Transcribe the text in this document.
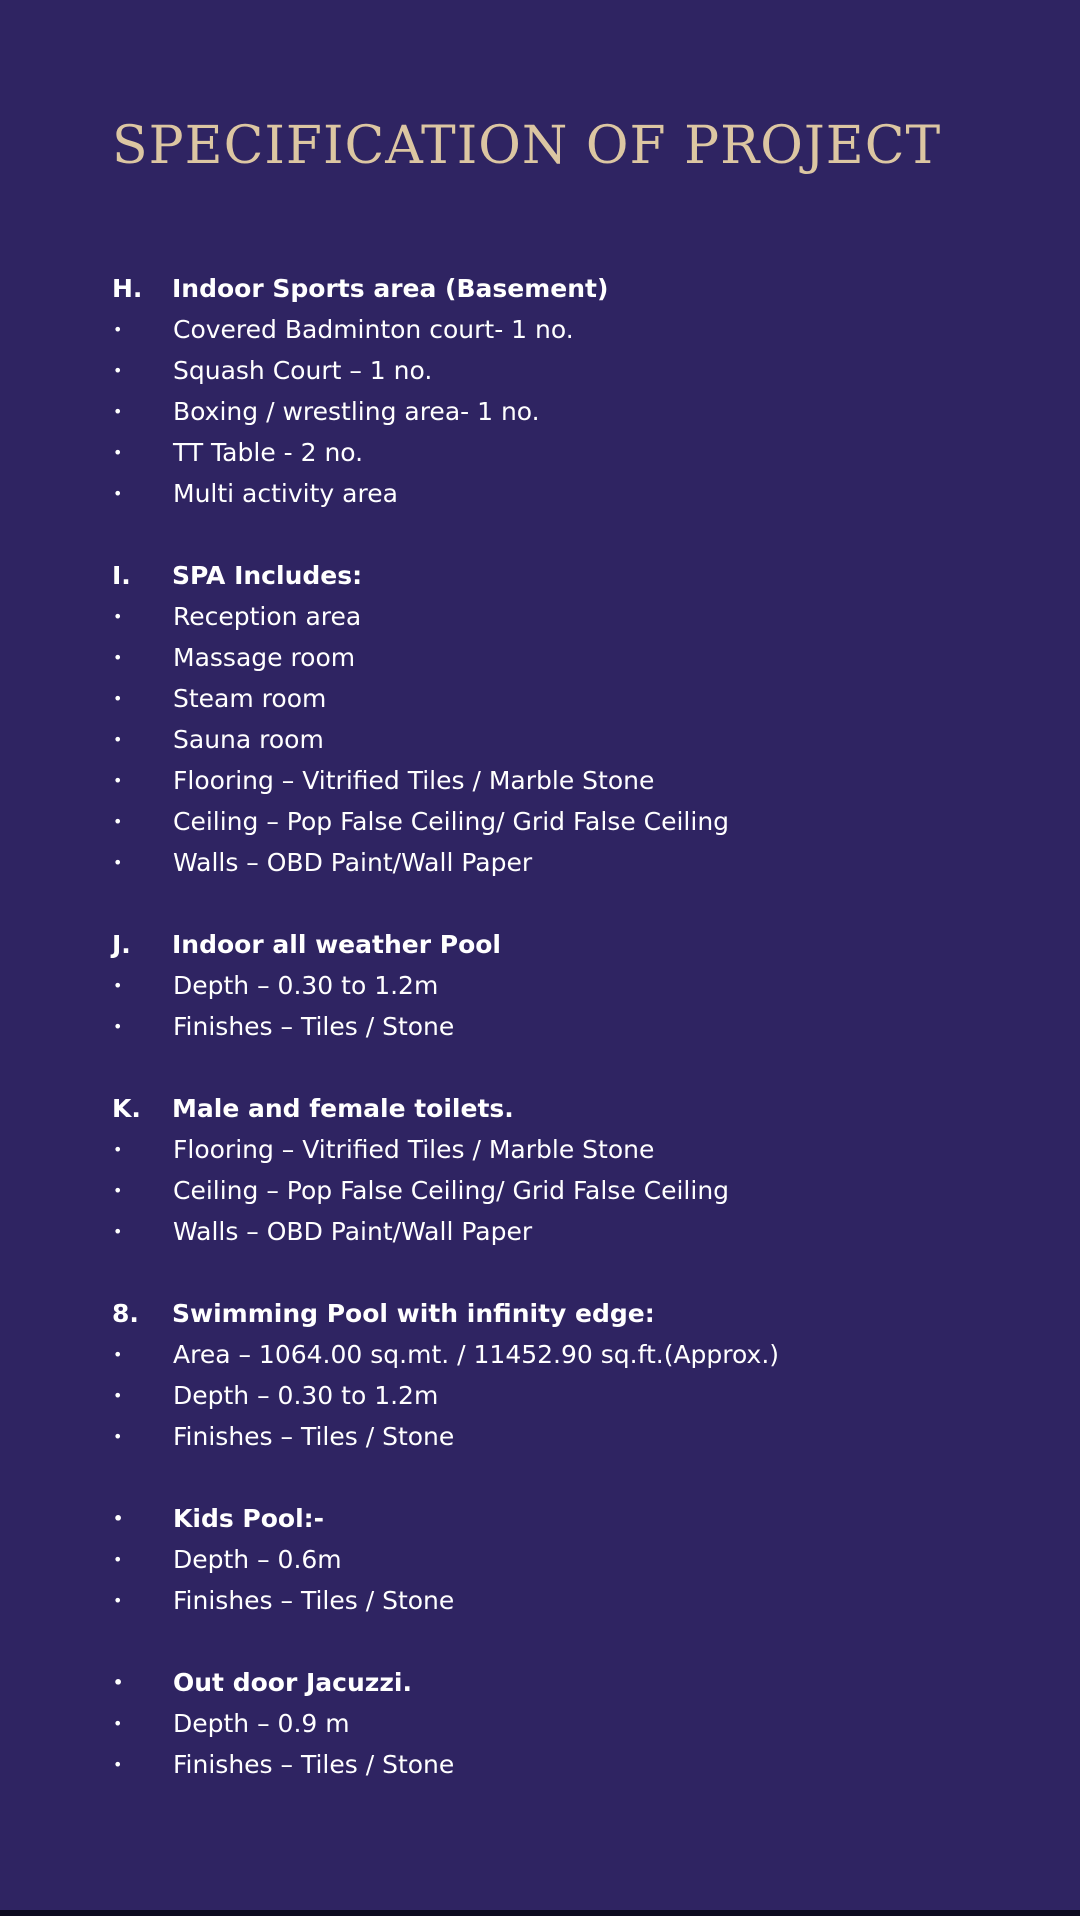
SPECIFICATION OF PROJECT
H.	Indoor Sports area (Basement)
•	Covered Badminton court- 1 no.
•	Squash Court – 1 no.
•	Boxing / wrestling area- 1 no.
•	TT Table - 2 no.
•	Multi activity area
I.	SPA Includes:
•	Reception area
•	Massage room
•	Steam room
•	Sauna room
•	Flooring – Vitrified Tiles / Marble Stone
•	Ceiling – Pop False Ceiling/ Grid False Ceiling
•	Walls – OBD Paint/Wall Paper
J.	Indoor all weather Pool
•	Depth – 0.30 to 1.2m
•	Finishes – Tiles / Stone
K.	Male and female toilets.
•	Flooring – Vitrified Tiles / Marble Stone
•	Ceiling – Pop False Ceiling/ Grid False Ceiling
•	Walls – OBD Paint/Wall Paper
8.	Swimming Pool with infinity edge:
•	Area – 1064.00 sq.mt. / 11452.90 sq.ft.(Approx.)
•	Depth – 0.30 to 1.2m
•	Finishes – Tiles / Stone
•	Kids Pool:-
•	Depth – 0.6m
•	Finishes – Tiles / Stone
•	Out door Jacuzzi.
•	Depth – 0.9 m
•	Finishes – Tiles / Stone
